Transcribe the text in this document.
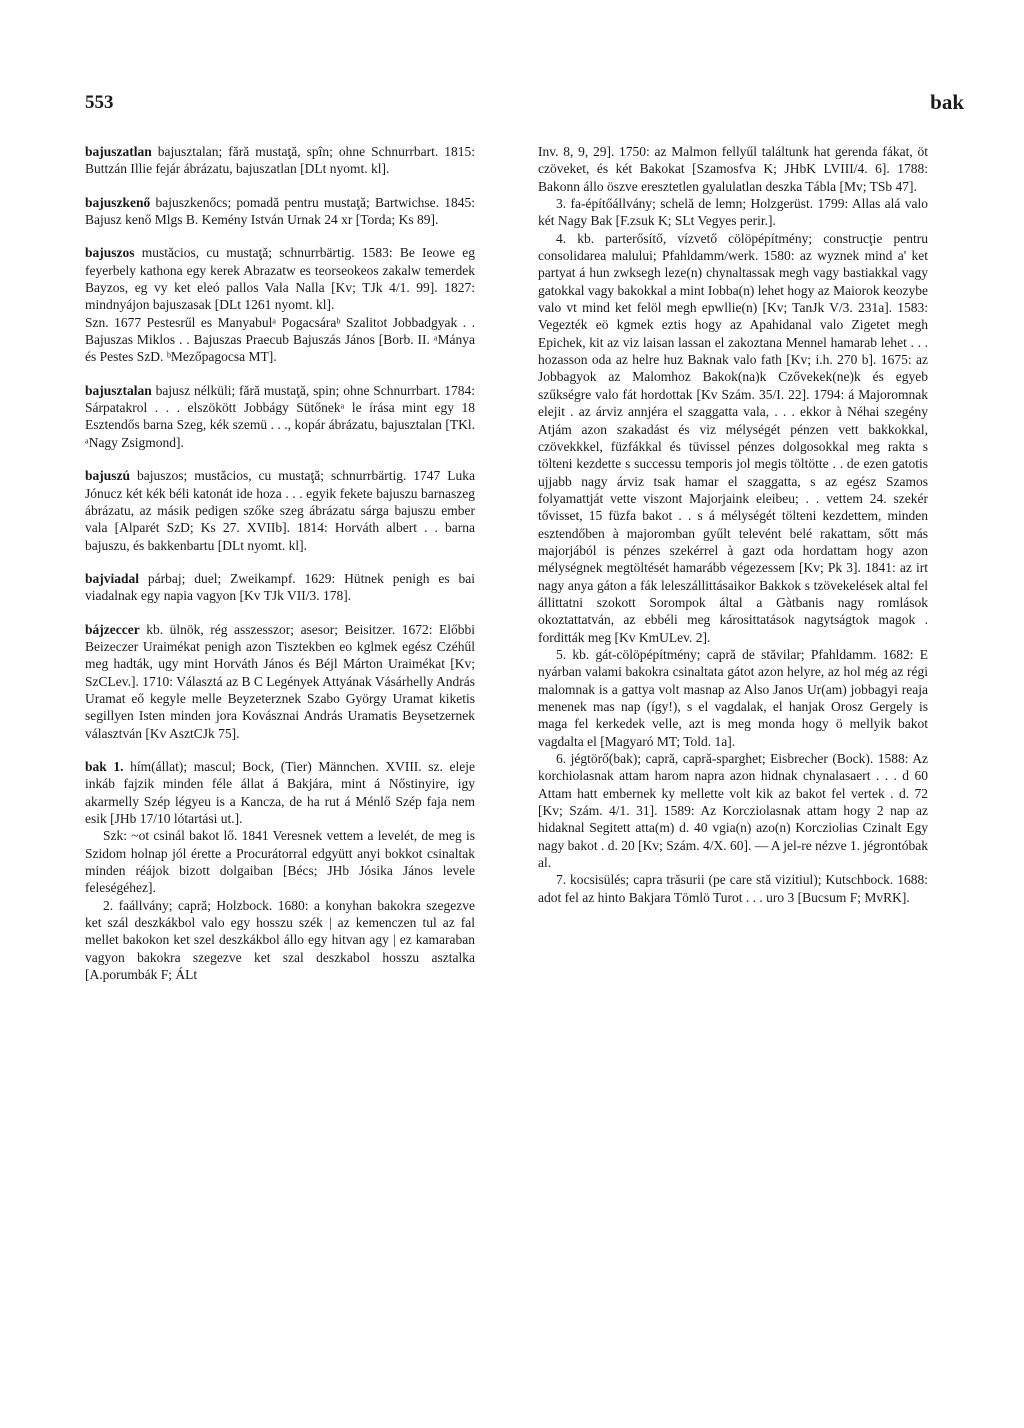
553	bak

bajuszatlan bajusztalan; fără mustaţă, spîn; ohne Schnurrbart. 1815: Buttzán Illie fejár ábrázatu, bajuszatlan [DLt nyomt. kl].

bajuszkenő bajuszkenőcs; pomadă pentru mustaţă; Bartwichse. 1845: Bajusz kenő Mlgs B. Kemény István Urnak 24 xr [Torda; Ks 89].

bajuszos mustăcios, cu mustaţă; schnurrbärtig. 1583: Be Ieowe eg feyerbely kathona egy kerek Abrazatw es teorseokeos zakalw temerdek Bayzos, eg vy ket eleó pallos Vala Nalla [Kv; TJk 4/1. 99]. 1827: mindnyájon bajuszasak [DLt 1261 nyomt. kl].

Szn. 1677 Pestesrűl es Manyabulᵃ Pogacsáraᵇ Szalitot Jobbadgyak . . Bajuszas Miklos . . Bajuszas Praecub Bajuszás János [Borb. II. ᵃMánya és Pestes SzD. ᵇMezőpagocsa MT].

bajusztalan bajusz nélküli; fără mustaţă, spin; ohne Schnurrbart. 1784: Sárpatakrol . . . elszökött Jobbágy Sütőnekᵃ le írása mint egy 18 Esztendős barna Szeg, kék szemü . . ., kopár ábrázatu, bajusztalan [TKl. ᵃNagy Zsigmond].

bajuszú bajuszos; mustăcios, cu mustaţă; schnurrbärtig. 1747 Luka Jónucz két kék béli katonát ide hoza . . . egyik fekete bajuszu barnaszeg ábrázatu, az másik pedigen szőke szeg ábrázatu sárga bajuszu ember vala [Alparét SzD; Ks 27. XVIIb]. 1814: Horváth albert . . barna bajuszu, és bakkenbartu [DLt nyomt. kl].

bajviadal párbaj; duel; Zweikampf. 1629: Hütnek penigh es bai viadalnak egy napia vagyon [Kv TJk VII/3. 178].

bájzeccer kb. ülnök, rég asszesszor; asesor; Beisitzer. 1672: Előbbi Beizeczer Uraimékat penigh azon Tisztekben eo kglmek egész Czéhűl meg hadták, ugy mint Horváth János és Béjl Márton Uraimékat [Kv; SzCLev.]. 1710: Választá az B C Legények Attyának Vásárhelly András Uramat eő kegyle melle Beyzeterznek Szabo György Uramat kiketis segillyen Isten minden jora Kovásznai András Uramatis Beysetzernek választván [Kv AsztCJk 75].

bak 1. hím(állat); mascul; Bock, (Tier) Männchen. XVIII. sz. eleje inkáb fajzik minden féle állat á Bakjára, mint á Nőstinyire, igy akarmelly Szép légyeu is a Kancza, de ha rut á Ménlő Szép faja nem esik [JHb 17/10 lótartási ut.].

Szk: ~ot csinál bakot lő. 1841 Veresnek vettem a levelét, de meg is Szidom holnap jól érette a Procurátorral edgyütt anyi bokkot csinaltak minden réájok bizott dolgaiban [Bécs; JHb Jósika János levele feleségéhez].

2. faállvány; capră; Holzbock. 1680: a konyhan bakokra szegezve ket szál deszkákbol valo egy hosszu szék | az kemenczen tul az fal mellet bakokon ket szel deszkákbol állo egy hitvan agy | ez kamaraban vagyon bakokra szegezve ket szal deszkabol hosszu asztalka [A.porumbák F; ÁLt

Inv. 8, 9, 29]. 1750: az Malmon fellyűl találtunk hat gerenda fákat, öt czöveket, és két Bakokat [Szamosfva K; JHbK LVIII/4. 6]. 1788: Bakonn állo öszve eresztetlen gyalulatlan deszka Tábla [Mv; TSb 47].

3. fa-építőállvány; schelă de lemn; Holzgerüst. 1799: Allas alá valo két Nagy Bak [F.zsuk K; SLt Vegyes perir.].

4. kb. parterősítő, vízvető cölöpépítmény; construcţie pentru consolidarea malului; Pfahldamm/werk. 1580: az wyznek mind a' ket partyat á hun zwksegh leze(n) chynaltassak megh vagy bastiakkal vagy gatokkal vagy bakokkal a mint Iobba(n) lehet hogy az Maiorok keozybe valo vt mind ket felöl megh epwllie(n) [Kv; TanJk V/3. 231a]. 1583: Vegezték eö kgmek eztis hogy az Apahidanal valo Zigetet megh Epichek, kit az viz laisan lassan el zakoztana Mennel hamarab lehet . . . hozasson oda az helre huz Baknak valo fath [Kv; i.h. 270 b]. 1675: az Jobbagyok az Malomhoz Bakok(na)k Czővekek(ne)k és egyeb szűkségre valo fát hordottak [Kv Szám. 35/I. 22]. 1794: á Majoromnak elejit . az árviz annjéra el szaggatta vala, . . . ekkor à Néhai szegény Atjám azon szakadást és viz mélységét pénzen vett bakkokkal, czövekkkel, füzfákkal és tüvissel pénzes dolgosokkal meg rakta s tölteni kezdette s successu temporis jol megis töltötte . . de ezen gatotis ujjabb nagy árviz tsak hamar el szaggatta, s az egész Szamos folyamattját vette viszont Majorjaink eleibeu; . . vettem 24. szekér tővisset, 15 füzfa bakot . . s á mélységét tölteni kezdettem, minden esztendőben à majoromban gyűlt televént belé rakattam, sőtt más majorjából is pénzes szekérrel à gazt oda hordattam hogy azon mélységnek megtöltését hamarább végezessem [Kv; Pk 3]. 1841: az irt nagy anya gáton a fák leleszállittásaikor Bakkok s tzövekelések altal fel állittatni szokott Sorompok által a Gàtbanis nagy romlások okoztattatván, az ebbéli meg károsittatások nagytságtok magok . forditták meg [Kv KmULev. 2].

5. kb. gát-cölöpépítmény; capră de stăvilar; Pfahldamm. 1682: E nyárban valami bakokra csinaltata gátot azon helyre, az hol még az régi malomnak is a gattya volt masnap az Also Janos Ur(am) jobbagyi reaja menenek mas nap (ígу!), s el vagdalak, el hanjak Orosz Gergely is maga fel kerkedek velle, azt is meg monda hogy ö mellyik bakot vagdalta el [Magyaró MT; Told. 1a].

6. jégtörő(bak); capră, capră-sparghet; Eisbrecher (Bock). 1588: Az korchiolasnak attam harom napra azon hidnak chynalasaert . . . d 60 Attam hatt embernek ky mellette volt kik az bakot fel vertek . d. 72 [Kv; Szám. 4/1. 31]. 1589: Az Korcziolasnak attam hogy 2 nap az hidaknal Segitett atta(m) d. 40 vgia(n) azo(n) Korcziolias Czinalt Egy nagy bakot . d. 20 [Kv; Szám. 4/X. 60]. — A jel-re nézve 1. jégrontóbak al.

7. kocsisülés; capra trăsurii (pe care stă vizitiul); Kutschbock. 1688: adot fel az hinto Bakjara Tömlö Turot . . . uro 3 [Bucsum F; MvRK].
